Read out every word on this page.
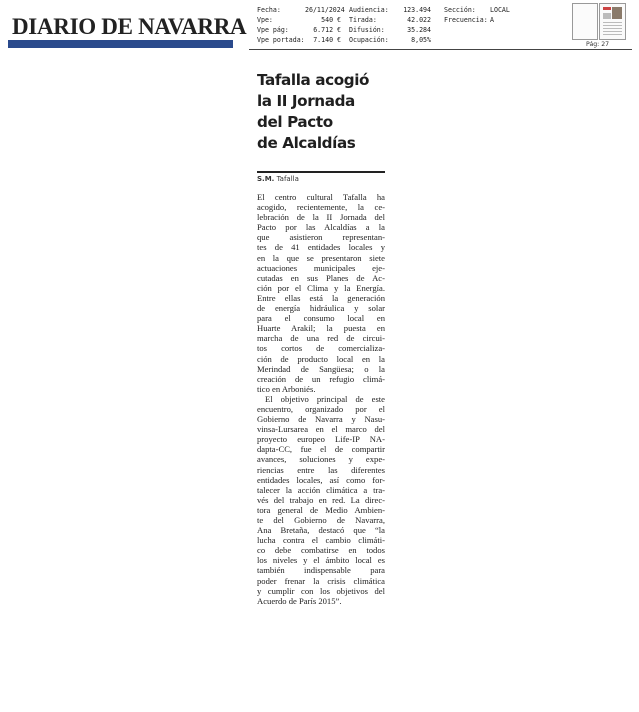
DIARIO DE NAVARRA
Fecha:	26/11/2024
Vpe:	540 €
Vpe pág:	6.712 €
Vpe portada:	7.140 €
Audiencia:	123.494
Tirada:	42.022
Difusión:	35.284
Ocupación:	8,05%
Sección:	LOCAL
Frecuencia: A
Pág: 27
Tafalla acogió
la II Jornada
del Pacto
de Alcaldías
S.M. Tafalla
El centro cultural Tafalla ha
acogido, recientemente, la ce-
lebración de la II Jornada del
Pacto por las Alcaldías a la
que asistieron representan-
tes de 41 entidades locales y
en la que se presentaron siete
actuaciones municipales eje-
cutadas en sus Planes de Ac-
ción por el Clima y la Energía.
Entre ellas está la generación
de energía hidráulica y solar
para el consumo local en
Huarte Arakil; la puesta en
marcha de una red de circui-
tos cortos de comercializa-
ción de producto local en la
Merindad de Sangüesa; o la
creación de un refugio climá-
tico en Arboniés.
El objetivo principal de este
encuentro, organizado por el
Gobierno de Navarra y Nasu-
vinsa-Lursarea en el marco del
proyecto europeo Life-IP NA-
dapta-CC, fue el de compartir
avances, soluciones y expe-
riencias entre las diferentes
entidades locales, así como for-
talecer la acción climática a tra-
vés del trabajo en red. La direc-
tora general de Medio Ambien-
te del Gobierno de Navarra,
Ana Bretaña, destacó que “la
lucha contra el cambio climáti-
co debe combatirse en todos
los niveles y el ámbito local es
también indispensable para
poder frenar la crisis climática
y cumplir con los objetivos del
Acuerdo de París 2015”.
